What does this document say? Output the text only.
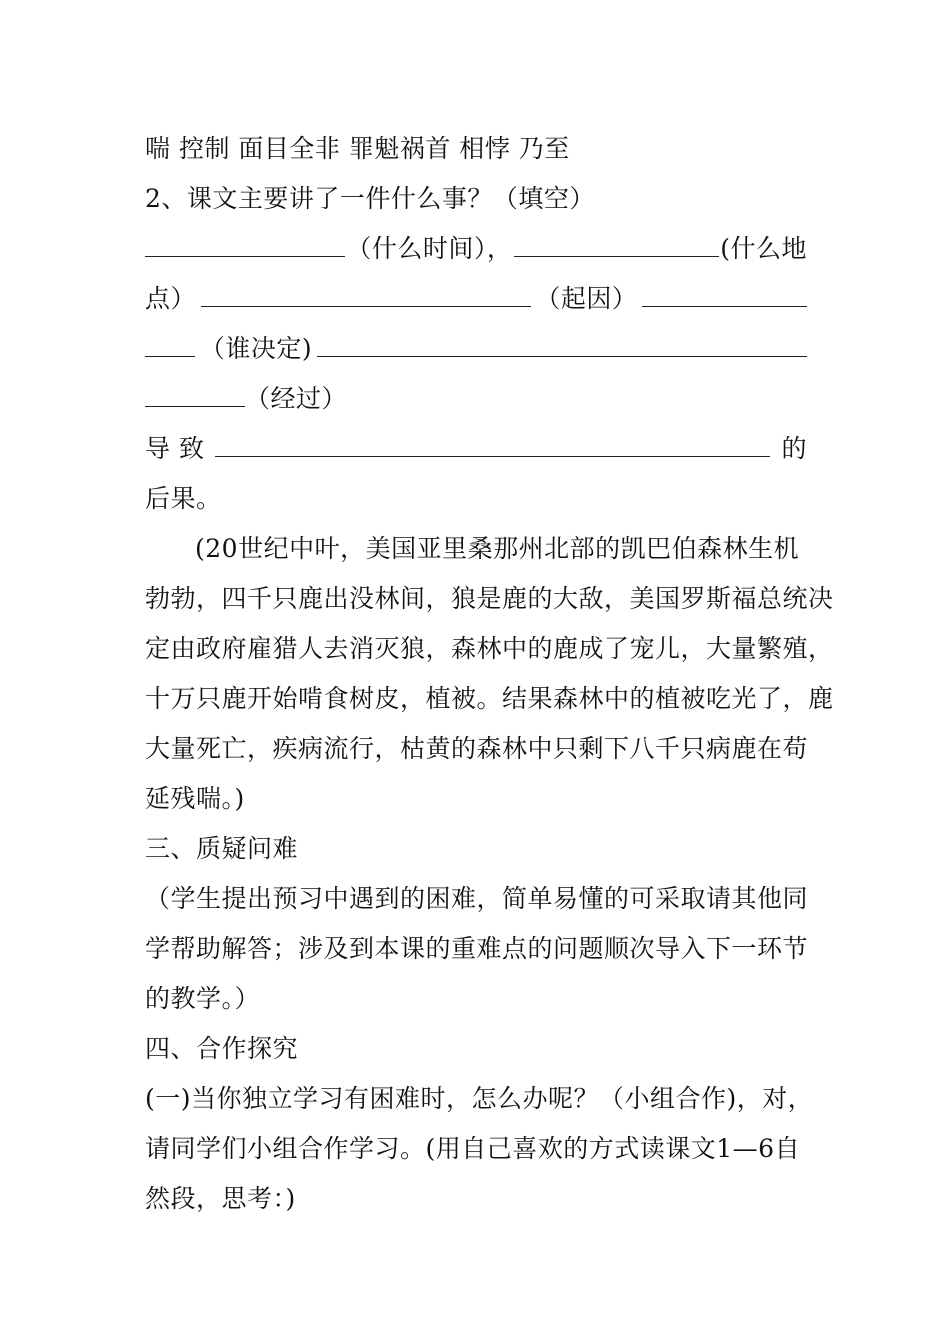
喘 控制 面目全非 罪魁祸首 相悖 乃至
2、课文主要讲了一件什么事？（填空）
（什么时间），	(什么地
点）	（起因）
（谁决定)
（经过）
导 致	的
后果。
(20世纪中叶，美国亚里桑那州北部的凯巴伯森林生机
勃勃，四千只鹿出没林间，狼是鹿的大敌，美国罗斯福总统决
定由政府雇猎人去消灭狼，森林中的鹿成了宠儿，大量繁殖，
十万只鹿开始啃食树皮，植被。结果森林中的植被吃光了，鹿
大量死亡，疾病流行，枯黄的森林中只剩下八千只病鹿在苟
延残喘。)
三、质疑问难
（学生提出预习中遇到的困难，简单易懂的可采取请其他同
学帮助解答；涉及到本课的重难点的问题顺次导入下一环节
的教学。）
四、合作探究
(一)当你独立学习有困难时，怎么办呢？（小组合作)，对，
请同学们小组合作学习。(用自己喜欢的方式读课文1—6自
然段，思考：)
